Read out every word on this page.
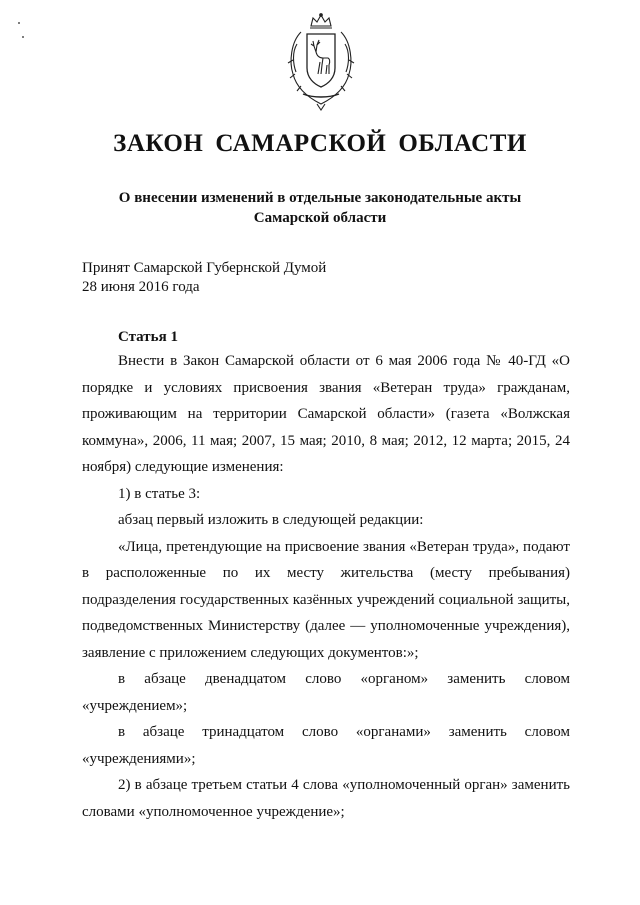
ЗАКОН САМАРСКОЙ ОБЛАСТИ
О внесении изменений в отдельные законодательные акты
Самарской области
Принят Самарской Губернской Думой
28 июня 2016 года
Статья 1

Внести в Закон Самарской области от 6 мая 2006 года № 40-ГД «О порядке и условиях присвоения звания «Ветеран труда» гражданам, проживающим на территории Самарской области» (газета «Волжская коммуна», 2006, 11 мая; 2007, 15 мая; 2010, 8 мая; 2012, 12 марта; 2015, 24 ноября) следующие изменения:

1) в статье 3:

абзац первый изложить в следующей редакции:

«Лица, претендующие на присвоение звания «Ветеран труда», подают в расположенные по их месту жительства (месту пребывания) подразделения государственных казённых учреждений социальной защиты, подведомственных Министерству (далее — уполномоченные учреждения), заявление с приложением следующих документов:»;

в абзаце двенадцатом слово «органом» заменить словом

«учреждением»;

в абзаце тринадцатом слово «органами» заменить словом

«учреждениями»;

2) в абзаце третьем статьи 4 слова «уполномоченный орган» заменить словами «уполномоченное учреждение»;
